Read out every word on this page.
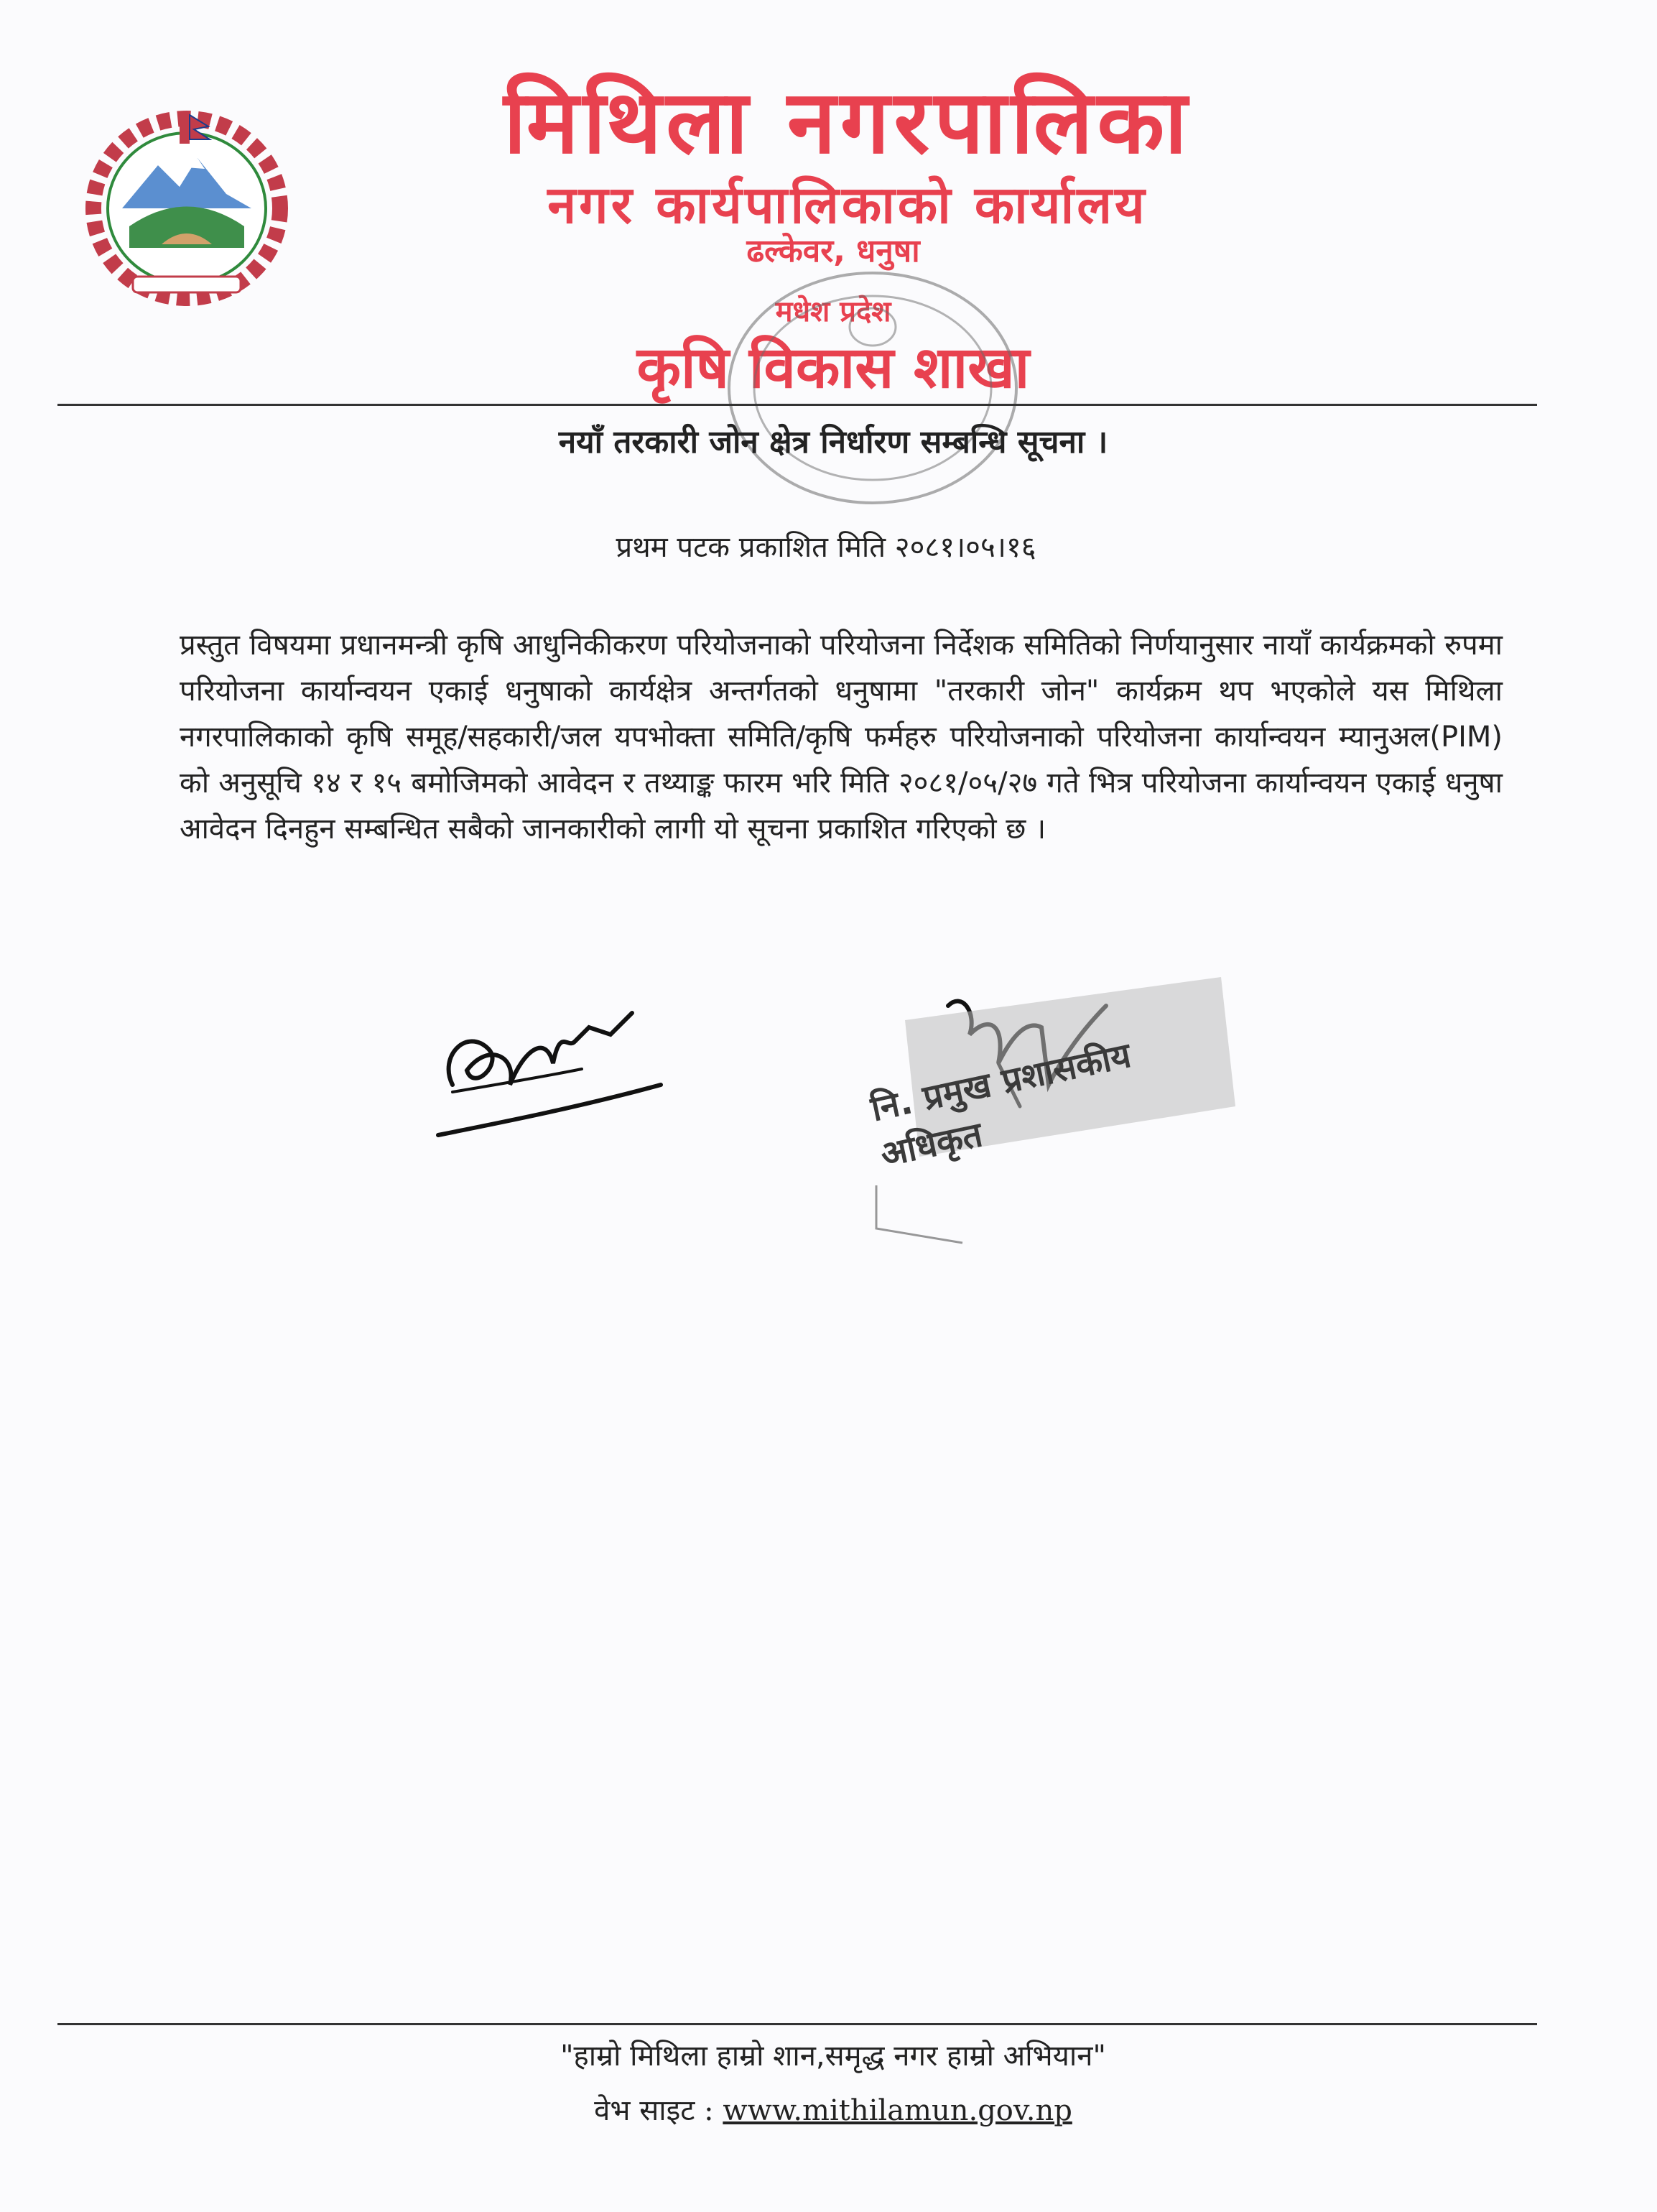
मिथिला नगरपालिका
नगर कार्यपालिकाको कार्यालय
ढल्केवर, धनुषा
मधेश प्रदेश
कृषि विकास शाखा
नयाँ तरकारी जोन क्षेत्र निर्धारण सम्बन्धि सूचना ।
प्रथम पटक प्रकाशित मिति २०८१।०५।१६
प्रस्तुत विषयमा प्रधानमन्त्री कृषि आधुनिकीकरण परियोजनाको परियोजना निर्देशक समितिको निर्णयानुसार नायाँ कार्यक्रमको रुपमा परियोजना कार्यान्वयन एकाई धनुषाको कार्यक्षेत्र अन्तर्गतको धनुषामा "तरकारी जोन" कार्यक्रम थप भएकोले यस मिथिला नगरपालिकाको कृषि समूह/सहकारी/जल यपभोक्ता समिति/कृषि फर्महरु परियोजनाको परियोजना कार्यान्वयन म्यानुअल(PIM) को अनुसूचि १४ र १५ बमोजिमको आवेदन र तथ्याङ्क फारम भरि मिति २०८१/०५/२७ गते भित्र परियोजना कार्यान्वयन एकाई धनुषा आवेदन दिनहुन सम्बन्धित सबैको जानकारीको लागी यो सूचना प्रकाशित गरिएको छ ।
नि. प्रमुख प्रशासकीय अधिकृत
"हाम्रो मिथिला हाम्रो शान,समृद्ध नगर हाम्रो अभियान"
वेभ साइट : www.mithilamun.gov.np
